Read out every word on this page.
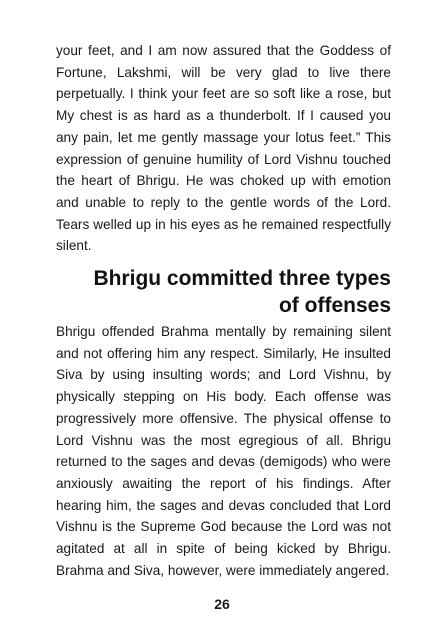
your feet, and I am now assured that the Goddess of Fortune, Lakshmi, will be very glad to live there perpetually. I think your feet are so soft like a rose, but My chest is as hard as a thunderbolt. If I caused you any pain, let me gently massage your lotus feet.” This expression of genuine humility of Lord Vishnu touched the heart of Bhrigu. He was choked up with emotion and unable to reply to the gentle words of the Lord. Tears welled up in his eyes as he remained respectfully silent.

Bhrigu committed three types
of offenses

Bhrigu offended Brahma mentally by remaining silent and not offering him any respect. Similarly, He insulted Siva by using insulting words; and Lord Vishnu, by physically stepping on His body. Each offense was progressively more offensive. The physical offense to Lord Vishnu was the most egregious of all. Bhrigu returned to the sages and devas (demigods) who were anxiously awaiting the report of his findings. After hearing him, the sages and devas concluded that Lord Vishnu is the Supreme God because the Lord was not agitated at all in spite of being kicked by Bhrigu. Brahma and Siva, however, were immediately angered.

26
